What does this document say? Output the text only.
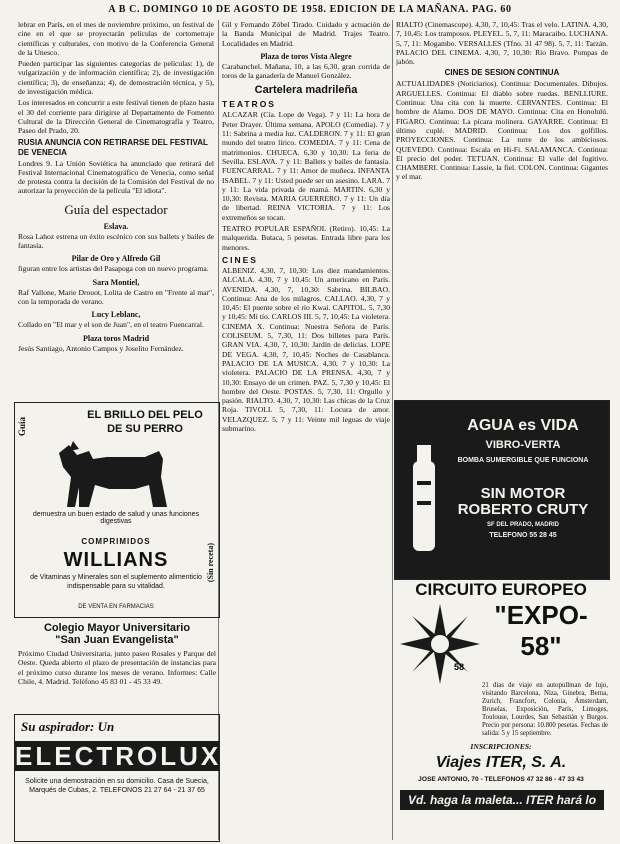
A B C. DOMINGO 10 DE AGOSTO DE 1958. EDICION DE LA MAÑANA. PAG. 60

lebrar en París, en el mes de noviembre próximo, un festival de cine en el que se proyectarán películas de cortometraje científicas y culturales, con motivo de la Conferencia General de la Unesco.

Pueden participar las siguientes categorías de películas: 1), de vulgarización y de información científica; 2), de investigación científica; 3), de enseñanza; 4), de demostración técnica, y 5), de investigación médica.

Los interesados en concurrir a este festival tienen de plazo hasta el 30 del corriente para dirigirse al Departamento de Fomento Cultural de la Dirección General de Cinematografía y Teatro, Paseo del Prado, 20.

RUSIA ANUNCIA CON RETIRARSE DEL FESTIVAL DE VENECIA

Londres 9. La Unión Soviética ha anunciado que retirará del Festival Internacional Cinematográfico de Venecia, como señal de protesta contra la decisión de la Comisión del Festival de no autorizar la proyección de la película "El idiota".

Guía del espectador
Eslava.

Rosa Lahoz estrena un éxito escénico con sus ballets y bailes de fantasía.

Pilar de Oro y Alfredo Gil

figuran entre los artistas del Pasapoga con un nuevo programa.

Sara Montiel,

Raf Vallone, Marie Drouot, Lolita de Castro en "Frente al mar", con la temporada de verano.

Lucy Leblanc,

Collado en "El mar y el son de Juan", en el teatro Fuencarral.

Plaza toros Madrid

Jesús Santiago, Antonio Campos y Joselito Fernández.

Guía
EL BRILLO DEL PELO
DE SU PERRO
demuestra un buen estado de salud y unas funciones digestivas
COMPRIMIDOS
WILLIANS
de Vitaminas y Minerales son el suplemento alimenticio indispensable para su vitalidad.
DE VENTA EN FARMACIAS
(Sin receta)
Colegio Mayor Universitario
"San Juan Evangelista"

Próximo Ciudad Universitaria, junto paseo Rosales y Parque del Oeste. Queda abierto el plazo de presentación de instancias para el próximo curso durante los meses de verano. Informes: Calle Chile, 4. Madrid. Teléfono 45 83 01 - 45 33 49.

Su aspirador: Un
ELECTROLUX
Solicite una demostración en su domicilio. Casa de Suecia, Marqués de Cubas, 2. TELEFONOS 21 27 64 - 21 37 65

Gil y Fernando Zóbel Tirado. Cuidado y actuación de la Banda Municipal de Madrid. Trajes Teatro. Localidades en Madrid.

Plaza de toros Vista Alegre

Carabanchel. Mañana, 10, a las 6,30, gran corrida de toros de la ganadería de Manuel González.

Cartelera madrileña
TEATROS

ALCAZAR (Cía. Lope de Vega). 7 y 11: La hora de Peter Drayer. Última semana. APOLO (Comedia). 7 y 11: Sabrina a media luz. CALDERON. 7 y 11: El gran mundo del teatro lírico. COMEDIA. 7 y 11: Cena de matrimonios. CHUECA. 6,30 y 10,30: La feria de Sevilla. ESLAVA. 7 y 11: Ballets y bailes de fantasía. FUENCARRAL. 7 y 11: Amor de muñeca. INFANTA ISABEL. 7 y 11: Usted puede ser un asesino. LARA. 7 y 11: La vida privada de mamá. MARTIN. 6,30 y 10,30: Revista. MARIA GUERRERO. 7 y 11: Un día de libertad. REINA VICTORIA. 7 y 11: Los extremeños se tocan.

TEATRO POPULAR ESPAÑOL (Retiro). 10,45: La malquerida. Butaca, 5 pesetas. Entrada libre para los menores.

CINES

ALBENIZ. 4,30, 7, 10,30: Los diez mandamientos. ALCALA. 4,30, 7 y 10,45: Un americano en París. AVENIDA. 4,30, 7, 10,30: Sabrina. BILBAO. Continua: Ana de los milagros. CALLAO. 4,30, 7 y 10,45: El puente sobre el río Kwai. CAPITOL. 5, 7,30 y 10,45: Mi tío. CARLOS III. 5, 7, 10,45: La violetera. CINEMA X. Continua: Nuestra Señora de París. COLISEUM. 5, 7,30, 11: Dos billetes para París. GRAN VIA. 4,30, 7, 10,30: Jardín de delicias. LOPE DE VEGA. 4,30, 7, 10,45: Noches de Casablanca. PALACIO DE LA MUSICA. 4,30, 7 y 10,30: La violetera. PALACIO DE LA PRENSA. 4,30, 7 y 10,30: Ensayo de un crimen. PAZ. 5, 7,30 y 10,45: El hombre del Oeste. POSTAS. 5, 7,30, 11: Orgullo y pasión. RIALTO. 4,30, 7, 10,30: Las chicas de la Cruz Roja. TIVOLI. 5, 7,30, 11: Locura de amor. VELAZQUEZ. 5, 7 y 11: Veinte mil leguas de viaje submarino.

RIALTO (Cinemascope). 4,30, 7, 10,45: Tras el velo. LATINA. 4,30, 7, 10,45: Los tramposos. PLEYEL. 5, 7, 11: Maracaibo. LUCHANA. 5, 7, 11: Mogambo. VERSALLES (Tfno. 31 47 98). 5, 7, 11: Tarzán. PALACIO DEL CINEMA. 4,30, 7, 10,30: Río Bravo. Pompas de jabón.

CINES DE SESION CONTINUA

ACTUALIDADES (Noticiarios). Continua: Documentales. Dibujos. ARGUELLES. Continua: El diablo sobre ruedas. BENLLIURE. Continua: Una cita con la muerte. CERVANTES. Continua: El hombre de Alamo. DOS DE MAYO. Continua: Cita en Honolulú. FIGARO. Continua: La pícara molinera. GAYARRE. Continua: El último cuplé. MADRID. Continua: Los dos golfillos. PROYECCIONES. Continua: La torre de los ambiciosos. QUEVEDO. Continua: Escala en Hi-Fi. SALAMANCA. Continua: El precio del poder. TETUAN. Continua: El valle del fugitivo. CHAMBERI. Continua: Lassie, la fiel. COLON. Continua: Gigantes y el mar.

AGUA es VIDA
VIBRO-VERTA
BOMBA SUMERGIBLE QUE FUNCIONA
SIN MOTOR
ROBERTO CRUTY
SF DEL PRADO, MADRID
TELEFONO 55 28 45
CIRCUITO EUROPEO
58
"EXPO-58"
21 días de viaje en autopullman de lujo, visitando Barcelona, Niza, Ginebra, Berna, Zurich, Francfort, Colonia, Ámsterdam, Bruselas, Exposición, París, Limoges, Toulouse, Lourdes, San Sebastián y Burgos. Precio por persona: 10.800 pesetas. Fechas de salida: 5 y 15 septiembre.
INSCRIPCIONES:
Viajes ITER, S. A.
JOSE ANTONIO, 70 - TELEFONOS 47 32 86 - 47 33 43
Vd. haga la maleta... ITER hará lo demás
